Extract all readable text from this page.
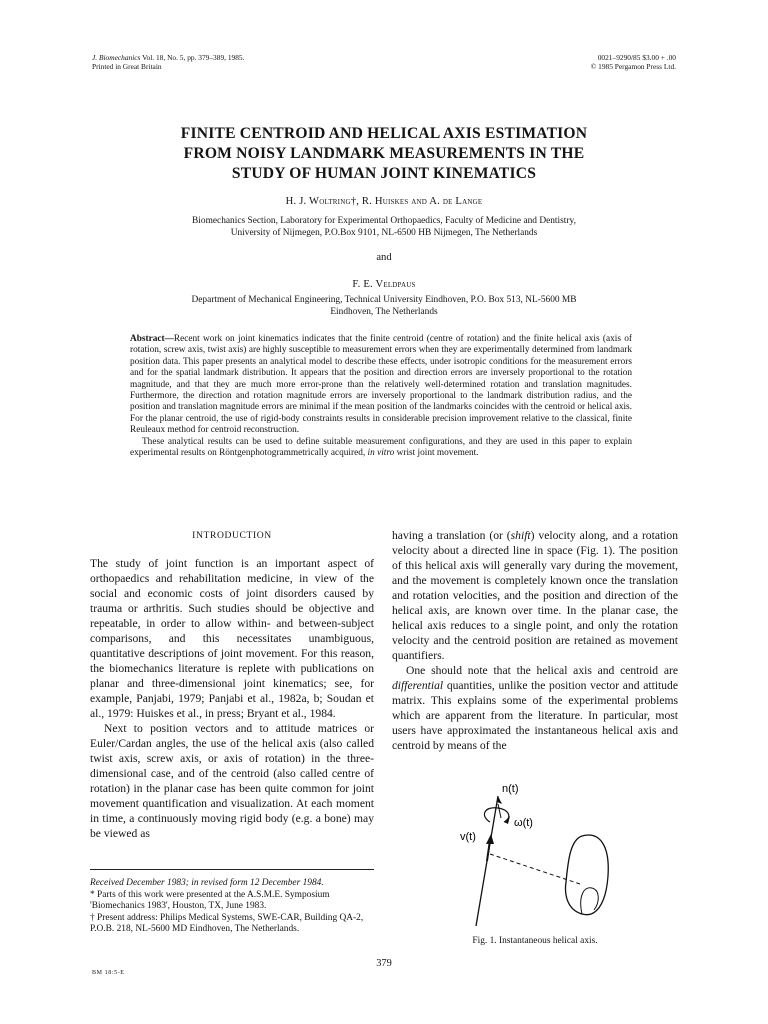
J. Biomechanics Vol. 18, No. 5, pp. 379–389, 1985.
Printed in Great Britain
0021–9290/85 $3.00 + .00
© 1985 Pergamon Press Ltd.
FINITE CENTROID AND HELICAL AXIS ESTIMATION
FROM NOISY LANDMARK MEASUREMENTS IN THE
STUDY OF HUMAN JOINT KINEMATICS
H. J. Woltring†, R. Huiskes and A. de Lange
Biomechanics Section, Laboratory for Experimental Orthopaedics, Faculty of Medicine and Dentistry,
University of Nijmegen, P.O.Box 9101, NL-6500 HB Nijmegen, The Netherlands
and
F. E. Veldpaus
Department of Mechanical Engineering, Technical University Eindhoven, P.O. Box 513, NL-5600 MB
Eindhoven, The Netherlands

Abstract—Recent work on joint kinematics indicates that the finite centroid (centre of rotation) and the finite helical axis (axis of rotation, screw axis, twist axis) are highly susceptible to measurement errors when they are experimentally determined from landmark position data. This paper presents an analytical model to describe these effects, under isotropic conditions for the measurement errors and for the spatial landmark distribution. It appears that the position and direction errors are inversely proportional to the rotation magnitude, and that they are much more error-prone than the relatively well-determined rotation and translation magnitudes. Furthermore, the direction and rotation magnitude errors are inversely proportional to the landmark distribution radius, and the position and translation magnitude errors are minimal if the mean position of the landmarks coincides with the centroid or helical axis. For the planar centroid, the use of rigid-body constraints results in considerable precision improvement relative to the classical, finite Reuleaux method for centroid reconstruction.

These analytical results can be used to define suitable measurement configurations, and they are used in this paper to explain experimental results on Röntgenphotogrammetrically acquired, in vitro wrist joint movement.

INTRODUCTION

The study of joint function is an important aspect of orthopaedics and rehabilitation medicine, in view of the social and economic costs of joint disorders caused by trauma or arthritis. Such studies should be objective and repeatable, in order to allow within- and between-subject comparisons, and this necessitates unambiguous, quantitative descriptions of joint movement. For this reason, the biomechanics literature is replete with publications on planar and three-dimensional joint kinematics; see, for example, Panjabi, 1979; Panjabi et al., 1982a, b; Soudan et al., 1979: Huiskes et al., in press; Bryant et al., 1984.

Next to position vectors and to attitude matrices or Euler/Cardan angles, the use of the helical axis (also called twist axis, screw axis, or axis of rotation) in the three-dimensional case, and of the centroid (also called centre of rotation) in the planar case has been quite common for joint movement quantification and visualization. At each moment in time, a continuously moving rigid body (e.g. a bone) may be viewed as

having a translation (or (shift) velocity along, and a rotation velocity about a directed line in space (Fig. 1). The position of this helical axis will generally vary during the movement, and the movement is completely known once the translation and rotation velocities, and the position and direction of the helical axis, are known over time. In the planar case, the helical axis reduces to a single point, and only the rotation velocity and the centroid position are retained as movement quantifiers.

One should note that the helical axis and centroid are differential quantities, unlike the position vector and attitude matrix. This explains some of the experimental problems which are apparent from the literature. In particular, most users have approximated the instantaneous helical axis and centroid by means of the

Received December 1983; in revised form 12 December 1984.

* Parts of this work were presented at the A.S.M.E. Symposium 'Biomechanics 1983', Houston, TX, June 1983.

† Present address: Philips Medical Systems, SWE-CAR, Building QA-2, P.O.B. 218, NL-5600 MD Eindhoven, The Netherlands.

n(t)
ω(t)
v(t)
Fig. 1. Instantaneous helical axis.
379
BM 18:5-E
